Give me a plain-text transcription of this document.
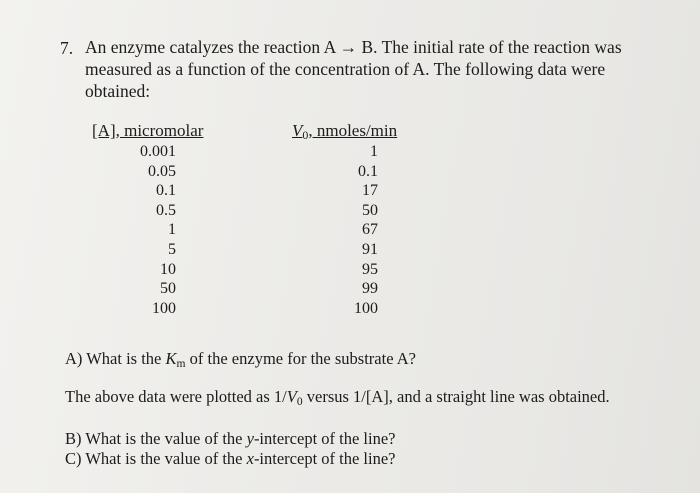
7. An enzyme catalyzes the reaction A → B. The initial rate of the reaction was
measured as a function of the concentration of A. The following data were
obtained:
[A], micromolar	$V_0$, nmoles/min
0.001
0.05
0.1
0.5
1
5
10
50
100
1
0.1
17
50
67
91
95
99
100
A) What is the $K_m$ of the enzyme for the substrate A?
The above data were plotted as $1/V_0$ versus 1/[A], and a straight line was obtained.
B) What is the value of the y-intercept of the line?
C) What is the value of the x-intercept of the line?
